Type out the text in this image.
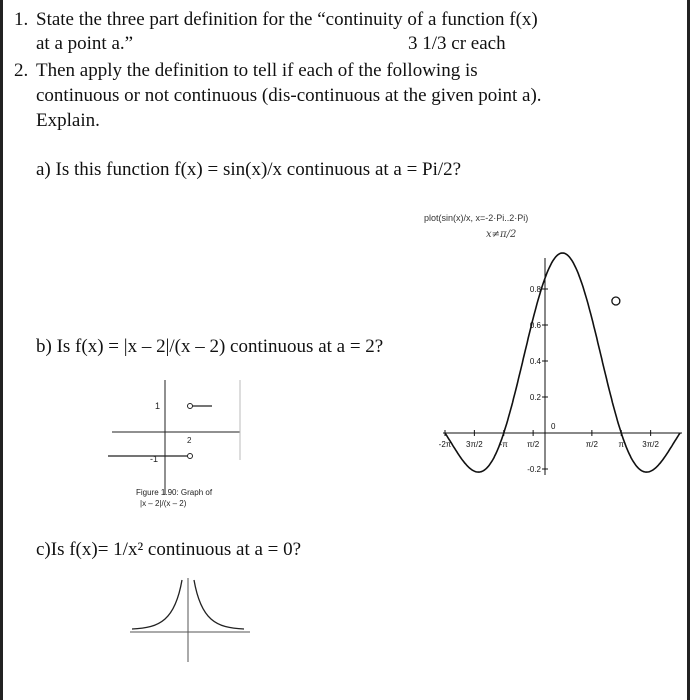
1. State the three part definition for the “continuity of a function f(x)
at a point a.”	3 1/3 cr each
2. Then apply the definition to tell if each of the following is
continuous or not continuous (dis-continuous at the given point a).
Explain.
a) Is this function f(x) = sin(x)/x continuous at a = Pi/2?
b) Is f(x) = |x – 2|/(x – 2) continuous at a = 2?
c)Is f(x)= 1/x² continuous at a = 0?
plot(sin(x)/x, x=-2·Pi..2·Pi)
x≠π/2
0.8
0.6
0.4
0.2
0
-0.2
-2π 3π/2 -π π/2	π/2	π 3π/2
1
-1
2
Figure 1.90: Graph of
|x – 2|/(x – 2)
